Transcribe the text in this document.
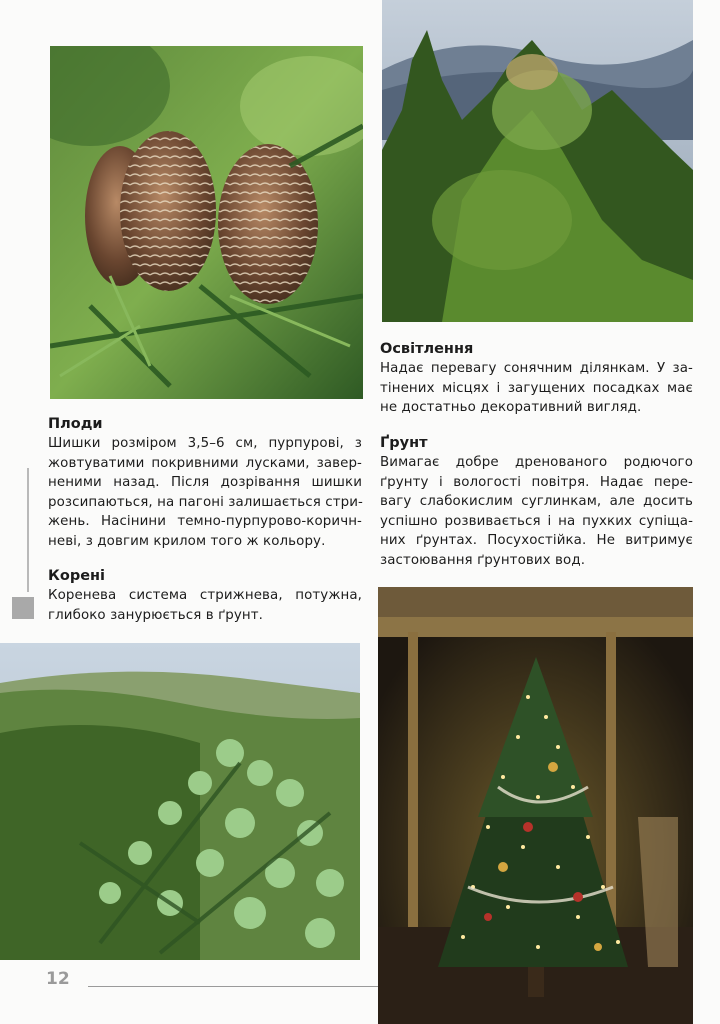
Плоди

Шишки розміром 3,5–6 см, пурпурові, з
жовтуватими покривними лусками, завер-
неними назад. Після дозрівання шишки
розсипаються, на пагоні залишається стри-
жень. Насінини темно-пурпурово-коричн-
неві, з довгим крилом того ж кольору.

Корені

Коренева система стрижнева, потужна,
глибоко занурюється в ґрунт.

Освітлення

Надає перевагу сонячним ділянкам. У за-
тінених місцях і загущених посадках має
не достатньо декоративний вигляд.

Ґрунт

Вимагає добре дренованого родючого
ґрунту і вологості повітря. Надає пере-
вагу слабокислим суглинкам, але досить
успішно розвивається і на пухких супіща-
них ґрунтах. Посухостійка. Не витримує
застоювання ґрунтових вод.

12
